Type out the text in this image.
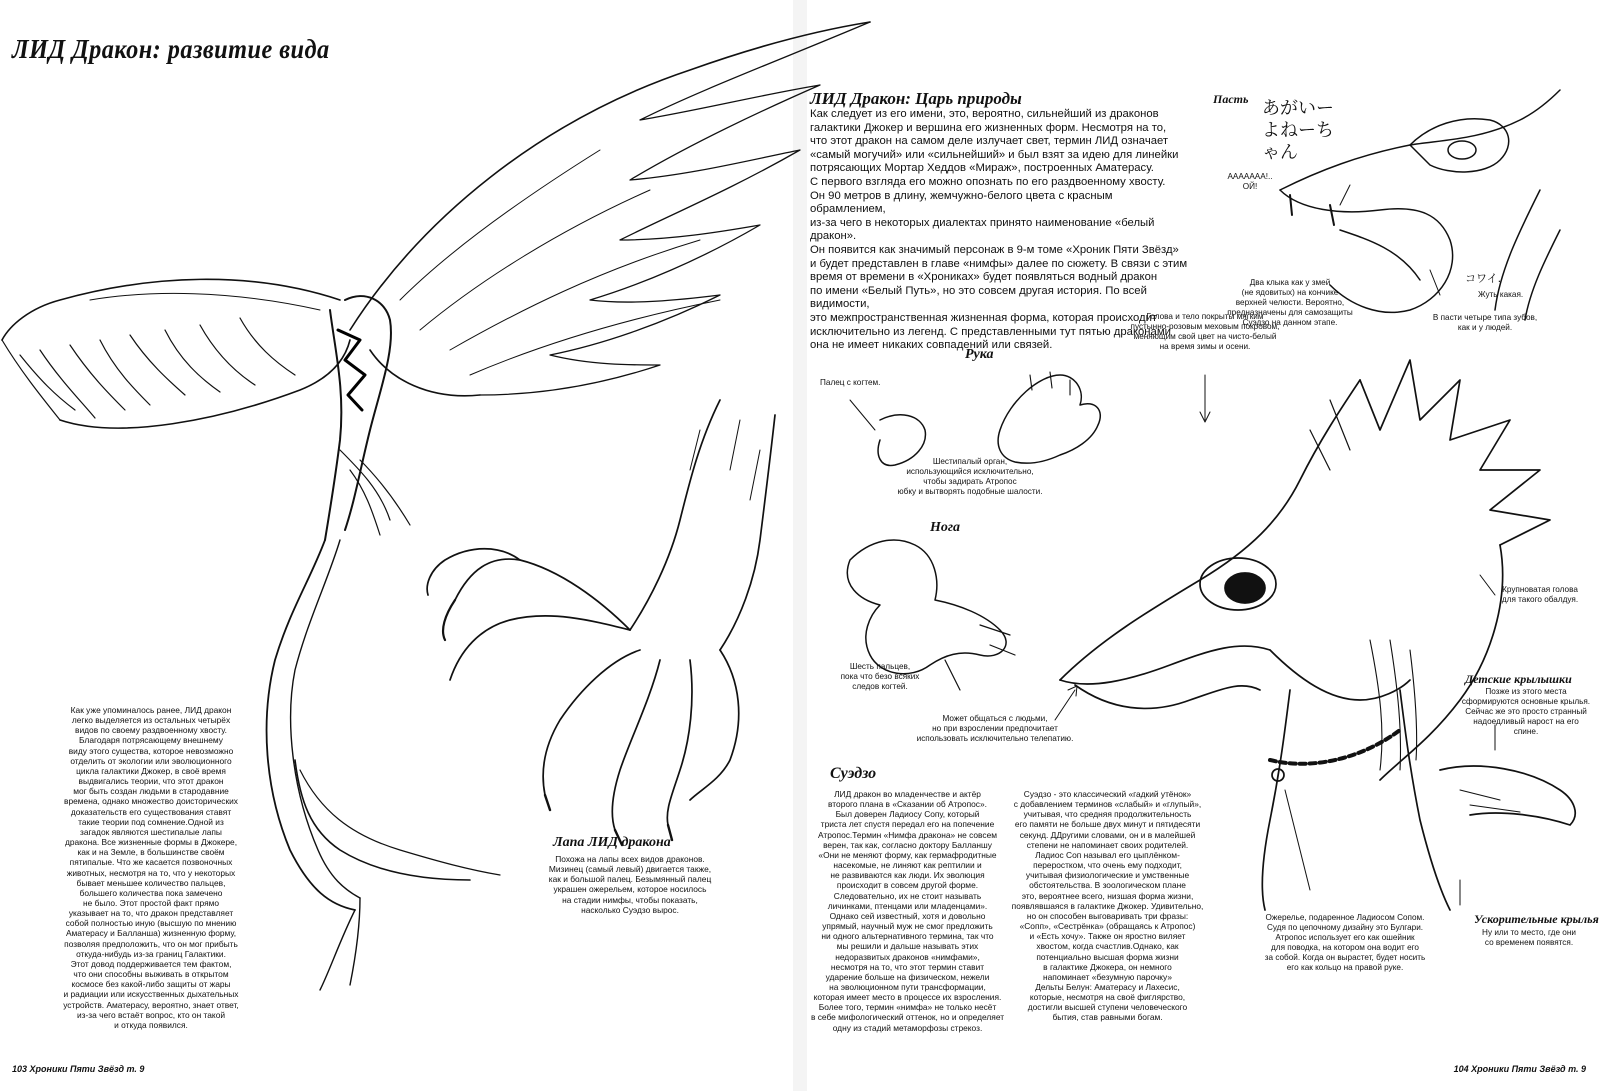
ЛИД Дракон: развитие вида
ЛИД Дракон: Царь природы
Как следует из его имени, это, вероятно, сильнейший из драконов
галактики Джокер и вершина его жизненных форм. Несмотря на то,
что этот дракон на самом деле излучает свет, термин ЛИД означает
«самый могучий» или «сильнейший» и был взят за идею для линейки
потрясающих Мортар Хеддов «Мираж», построенных Аматерасу.
С первого взгляда его можно опознать по его раздвоенному хвосту.
Он 90 метров в длину, жемчужно-белого цвета с красным обрамлением,
из-за чего в некоторых диалектах принято наименование «белый дракон».
Он появится как значимый персонаж в 9-м томе «Хроник Пяти Звёзд»
и будет представлен в главе «нимфы» далее по сюжету. В связи с этим
время от времени в «Хрониках» будет появляться водный дракон
по имени «Белый Путь», но это совсем другая история. По всей видимости,
это межпространственная жизненная форма, которая происходит
исключительно из легенд. С представленными тут пятью драконами
она не имеет никаких совпадений или связей.
Как уже упоминалось ранее, ЛИД дракон
легко выделяется из остальных четырёх
видов по своему раздвоенному хвосту.
Благодаря потрясающему внешнему
виду этого существа, которое невозможно
отделить от экологии или эволюционного
цикла галактики Джокер, в своё время
выдвигались теории, что этот дракон
мог быть создан людьми в стародавние
времена, однако множество доисторических
доказательств его существования ставят
такие теории под сомнение.Одной из
загадок являются шестипалые лапы
дракона. Все жизненные формы в Джокере,
как и на Земле, в большинстве своём
пятипалые. Что же касается позвоночных
животных, несмотря на то, что у некоторых
бывает меньшее количество пальцев,
большего количества пока замечено
не было. Этот простой факт прямо
указывает на то, что дракон представляет
собой полностью иную (высшую по мнению
Аматерасу и Балланша) жизненную форму,
позволяя предположить, что он мог прибыть
откуда-нибудь из-за границ Галактики.
Этот довод поддерживается тем фактом,
что они способны выживать в открытом
космосе без какой-либо защиты от жары
и радиации или искусственных дыхательных
устройств. Аматерасу, вероятно, знает ответ,
из-за чего встаёт вопрос, кто он такой
и откуда появился.
Лапа ЛИД дракона
Похожа на лапы всех видов драконов.
Мизинец (самый левый) двигается также,
как и большой палец. Безымянный палец
украшен ожерельем, которое носилось
на стадии нимфы, чтобы показать,
насколько Суэдзо вырос.
Пасть あがいーよねーちゃん
ААААААА!..
ОЙ!
Два клыка как у змей
(не ядовитых) на кончике
верхней челюсти. Вероятно,
предназначены для самозащиты
Суэдзо на данном этапе.
コワイ.
Жуть какая.
В пасти четыре типа зубов,
как и у людей.
Голова и тело покрыты мягким
пустынно-розовым меховым покровом,
меняющим свой цвет на чисто-белый
на время зимы и осени.
Рука
Палец с когтем.
Шестипалый орган,
использующийся исключительно,
чтобы задирать Атропос
юбку и вытворять подобные шалости.
Нога
Шесть пальцев,
пока что безо всяких
следов когтей.
Крупноватая голова
для такого обалдуя.
Может общаться с людьми,
но при взрослении предпочитает
использовать исключительно телепатию.
Детские крылышки
Позже из этого места
сформируются основные крылья.
Сейчас же это просто странный
надоедливый нарост на его спине.
Ускорительные крылья
Ну или то место, где они
со временем появятся.
Ожерелье, подаренное Ладиосом Сопом.
Судя по цепочному дизайну это Булгари.
Атропос использует его как ошейник
для поводка, на котором она водит его
за собой. Когда он вырастет, будет носить
его как кольцо на правой руке.
Суэдзо
ЛИД дракон во младенчестве и актёр
второго плана в «Сказании об Атропос».
Был доверен Ладиосу Сопу, который
триста лет спустя передал его на попечение
Атропос.Термин «Нимфа дракона» не совсем
верен, так как, согласно доктору Балланшу
«Они не меняют форму, как гермафродитные
насекомые, не линяют как рептилии и
не развиваются как люди. Их эволюция
происходит в совсем другой форме.
Следовательно, их не стоит называть
личинками, птенцами или младенцами».
Однако сей известный, хотя и довольно
упрямый, научный муж не смог предложить
ни одного альтернативного термина, так что
мы решили и дальше называть этих
недоразвитых драконов «нимфами»,
несмотря на то, что этот термин ставит
ударение больше на физическом, нежели
на эволюционном пути трансформации,
которая имеет место в процессе их взросления.
Более того, термин «нимфа» не только несёт
в себе мифологический оттенок, но и определяет
одну из стадий метаморфозы стрекоз.
Суэдзо - это классический «гадкий утёнок»
с добавлением терминов «слабый» и «глупый»,
учитывая, что средняя продолжительность
его памяти не больше двух минут и пятидесяти
секунд. ДДругими словами, он и в малейшей
степени не напоминает своих родителей.
Ладиос Соп называл его цыплёнком-
переростком, что очень ему подходит,
учитывая физиологические и умственные
обстоятельства. В зоологическом плане
это, вероятнее всего, низшая форма жизни,
появлявшаяся в галактике Джокер. Удивительно,
но он способен выговаривать три фразы:
«Сопп», «Сестрёнка» (обращаясь к Атропос)
и «Есть хочу». Также он яростно виляет
хвостом, когда счастлив.Однако, как
потенциально высшая форма жизни
в галактике Джокера, он немного
напоминает «безумную парочку»
Дельты Белун: Аматерасу и Лахесис,
которые, несмотря на своё фиглярство,
достигли высшей ступени человеческого
бытия, став равными богам.
103 Хроники Пяти Звёзд т. 9	104 Хроники Пяти Звёзд т. 9
